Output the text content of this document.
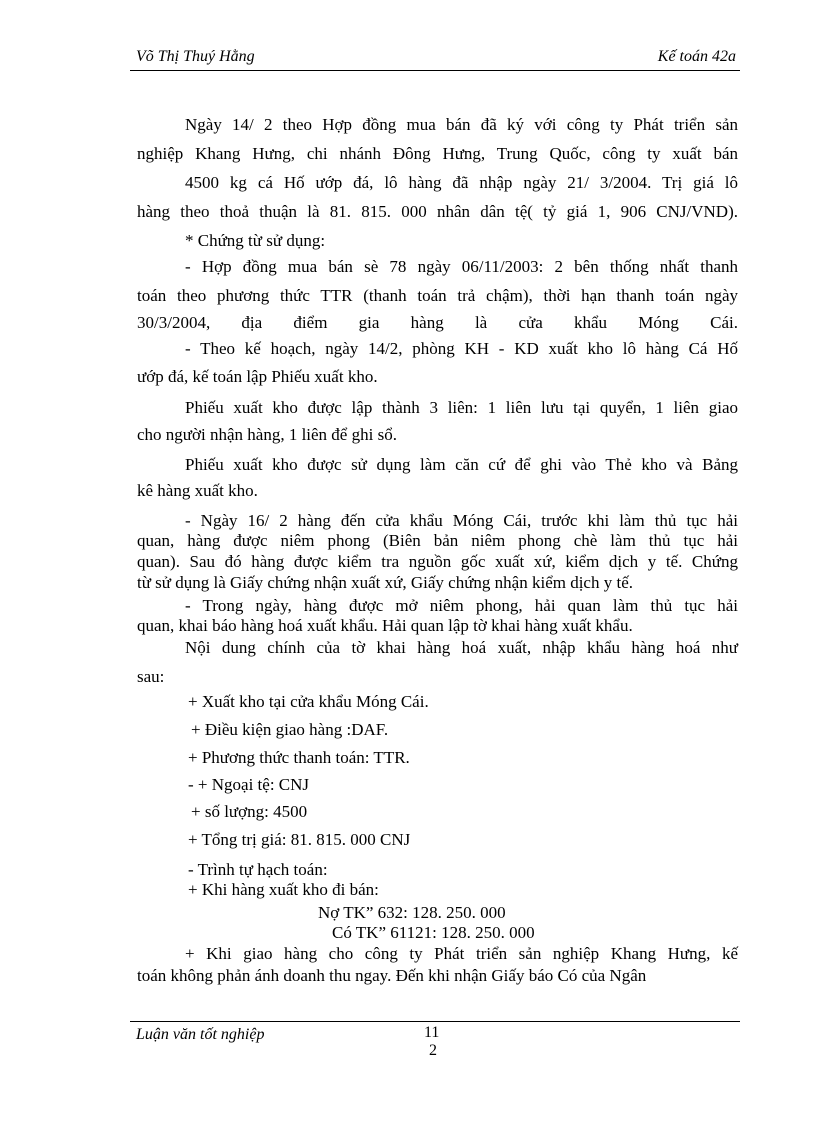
Võ Thị Thuý Hằng	Kế toán 42a
Ngày 14/ 2 theo Hợp đồng mua bán đã ký với công ty Phát triển sản
nghiệp Khang Hưng, chi nhánh Đông Hưng, Trung Quốc, công ty xuất bán
4500 kg cá Hố ướp đá, lô hàng đã nhập ngày 21/ 3/2004. Trị giá lô
hàng theo thoả thuận là 81. 815. 000 nhân dân tệ( tỷ giá 1, 906 CNJ/VND).
* Chứng từ sử dụng:
- Hợp đồng mua bán sè 78 ngày 06/11/2003: 2 bên thống nhất thanh
toán theo phương thức TTR (thanh toán trả chậm), thời hạn thanh toán ngày
30/3/2004, địa điểm gia hàng là cửa khẩu Móng Cái.
- Theo kế hoạch, ngày 14/2, phòng KH - KD xuất kho lô hàng Cá Hố
ướp đá, kế toán lập Phiếu xuất kho.
Phiếu xuất kho được lập thành 3 liên: 1 liên lưu tại quyển, 1 liên giao
cho người nhận hàng, 1 liên để ghi sổ.
Phiếu xuất kho được sử dụng làm căn cứ để ghi vào Thẻ kho và Bảng
kê hàng xuất kho.
- Ngày 16/ 2 hàng đến cửa khẩu Móng Cái, trước khi làm thủ tục hải
quan, hàng được niêm phong (Biên bản niêm phong chè làm thủ tục hải
quan). Sau đó hàng được kiểm tra nguồn gốc xuất xứ, kiểm dịch y tế. Chứng
từ sử dụng là Giấy chứng nhận xuất xứ, Giấy chứng nhận kiểm dịch y tế.
- Trong ngày, hàng được mở niêm phong, hải quan làm thủ tục hải
quan, khai báo hàng hoá xuất khẩu. Hải quan lập tờ khai hàng xuất khẩu.
Nội dung chính của tờ khai hàng hoá xuất, nhập khẩu hàng hoá như
sau:
+ Xuất kho tại cửa khẩu Móng Cái.
+ Điều kiện giao hàng :DAF.
+ Phương thức thanh toán: TTR.
- + Ngoại tệ: CNJ
+ số lượng: 4500
+ Tổng trị giá: 81. 815. 000 CNJ
- Trình tự hạch toán:
+ Khi hàng xuất kho đi bán:
Nợ TK” 632: 128. 250. 000
Có TK” 61121: 128. 250. 000
+ Khi giao hàng cho công ty Phát triển sản nghiệp Khang Hưng, kế
toán không phản ánh doanh thu ngay. Đến khi nhận Giấy báo Có của Ngân
Luận văn tốt nghiệp	11
2
